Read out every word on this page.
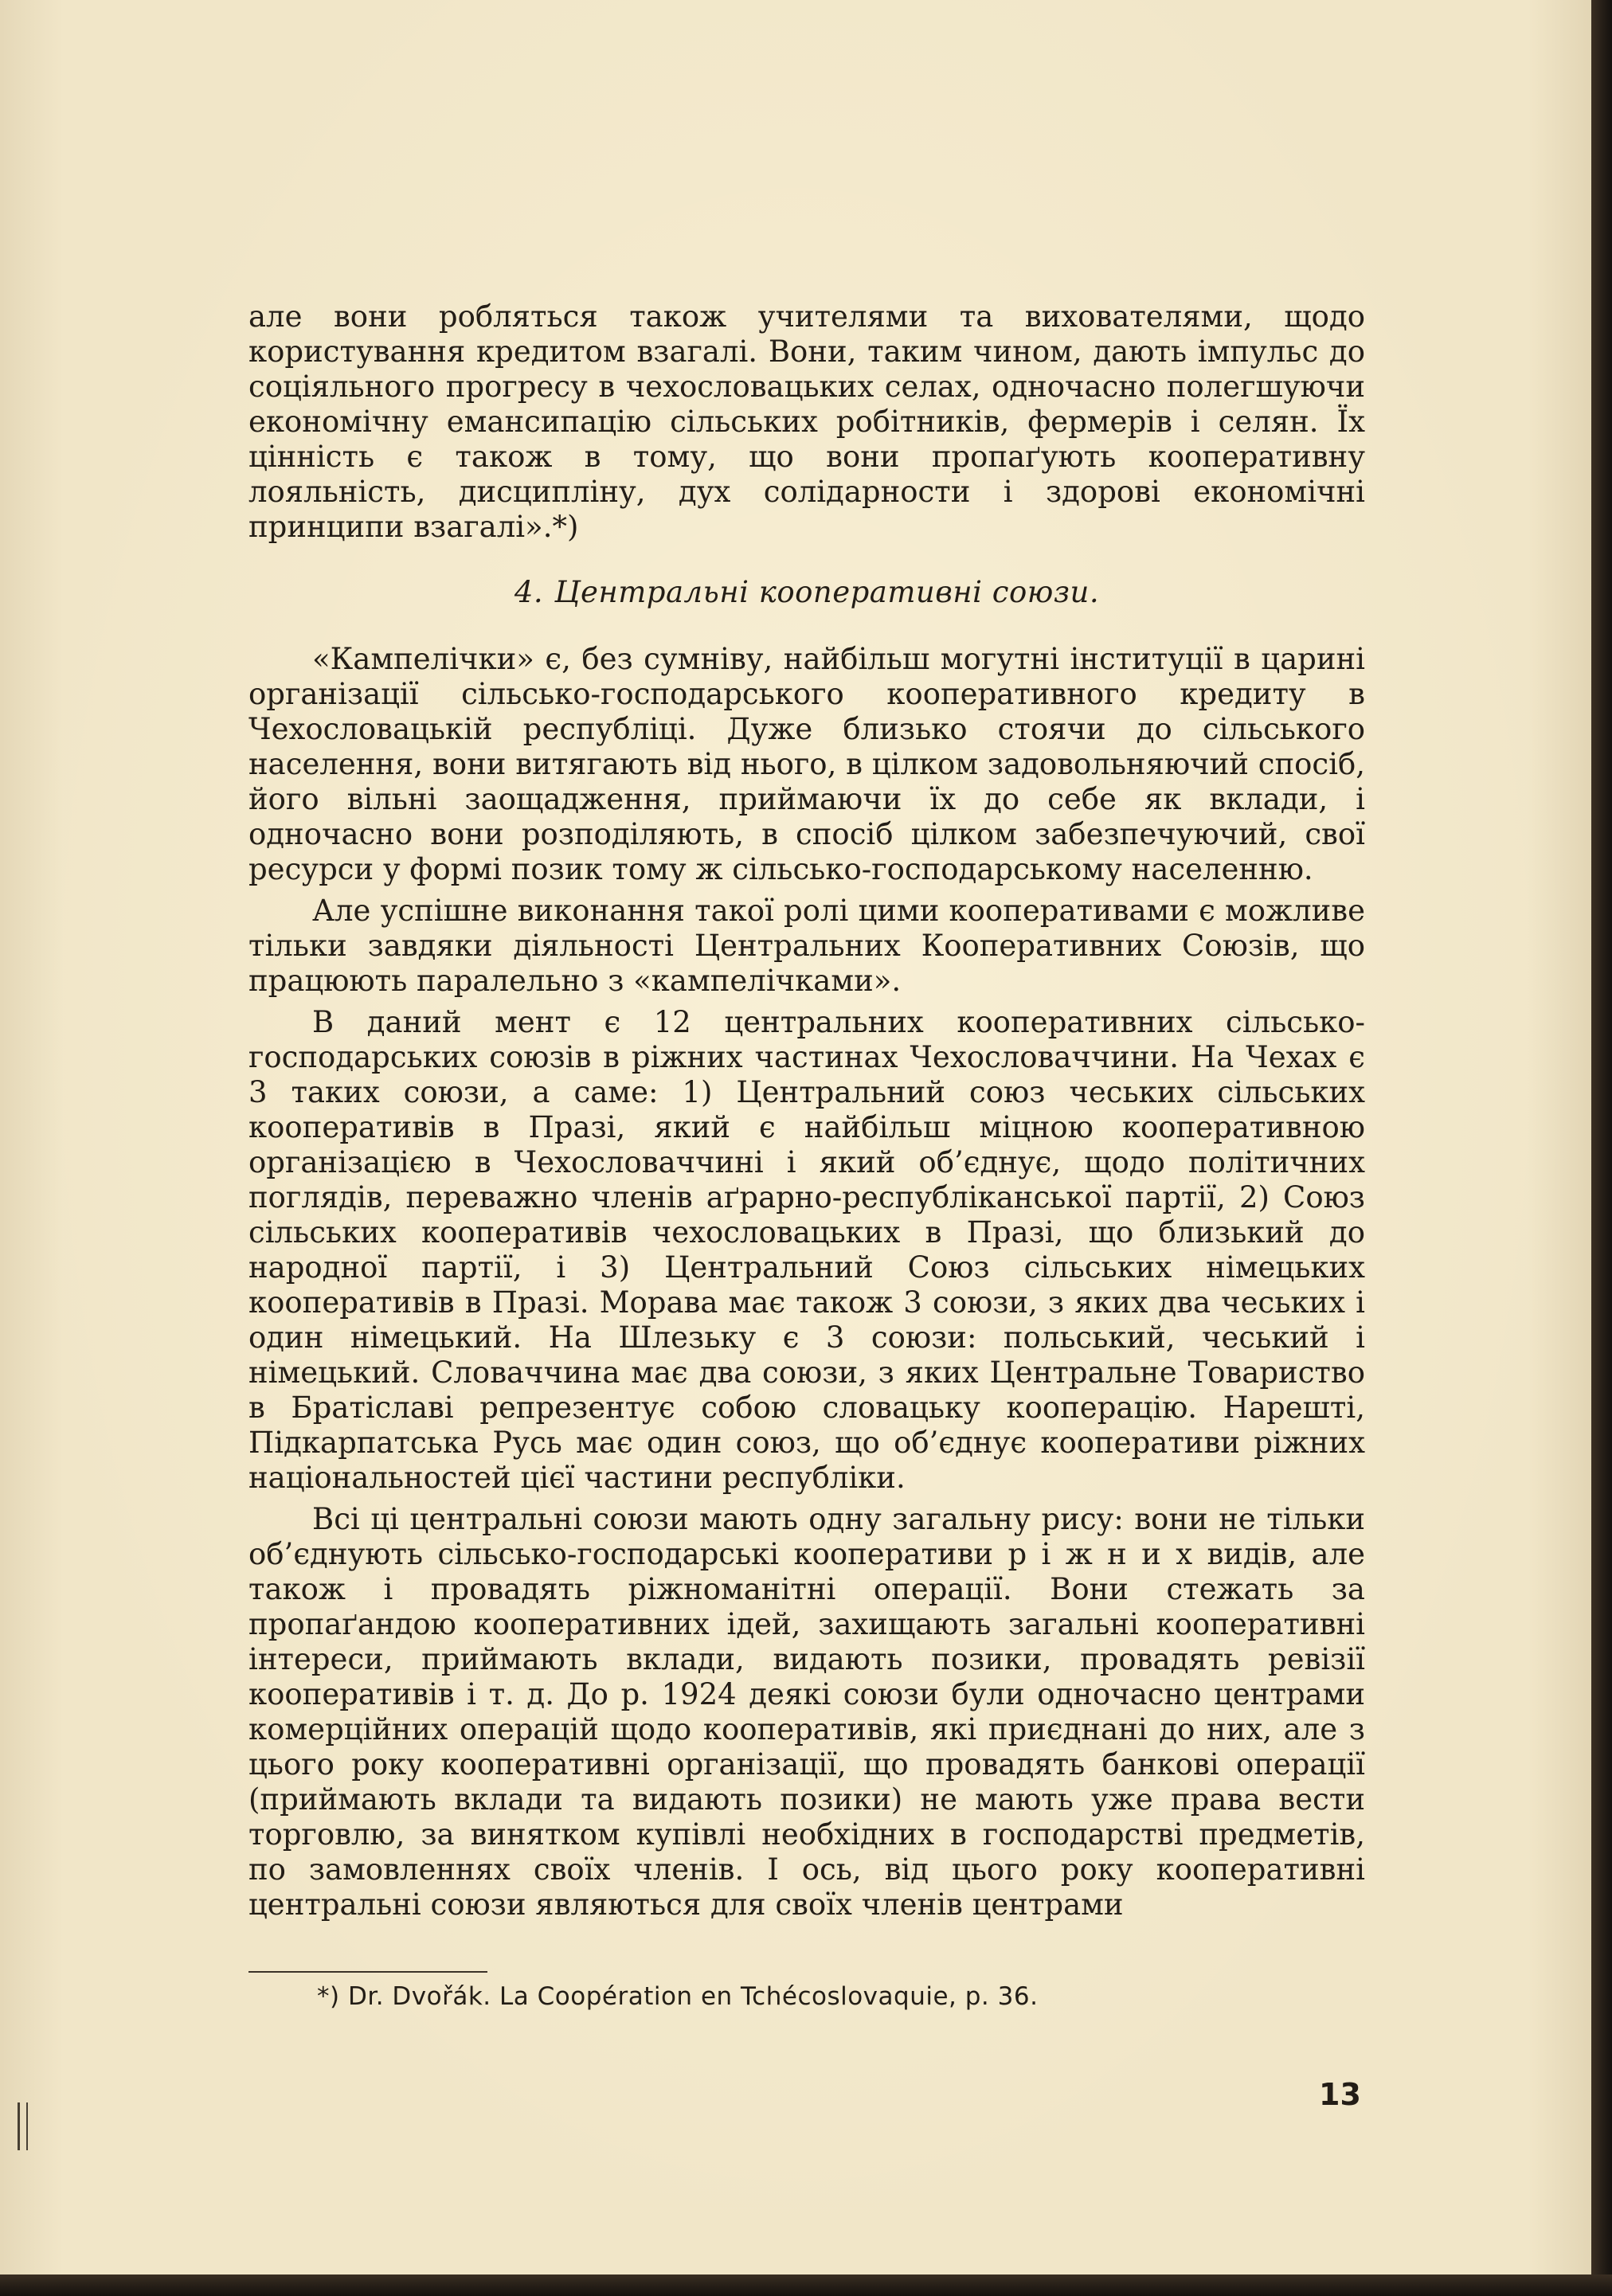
але вони робляться також учителями та вихователями, щодо користування кредитом взагалі. Вони, таким чином, дають імпульс до соціяльного прогресу в чехословацьких селах, одночасно полегшуючи економічну емансипацію сільських робітників, фермерів і селян. Їх цінність є також в тому, що вони пропаґують кооперативну лояльність, дисципліну, дух солідарности і здорові економічні принципи взагалі».*)

4. Центральні кооперативні союзи.

«Кампелічки» є, без сумніву, найбільш могутні інституції в царині організації сільсько-господарського кооперативного кредиту в Чехословацькій республіці. Дуже близько стоячи до сільського населення, вони витягають від нього, в цілком задовольняючий спосіб, його вільні заощадження, приймаючи їх до себе як вклади, і одночасно вони розподіляють, в спосіб цілком забезпечуючий, свої ресурси у формі позик тому ж сільсько-господарському населенню.

Але успішне виконання такої ролі цими кооперативами є можливе тільки завдяки діяльності Центральних Кооперативних Союзів, що працюють паралельно з «кампелічками».

В даний мент є 12 центральних кооперативних сільсько-господарських союзів в ріжних частинах Чехословаччини. На Чехах є 3 таких союзи, а саме: 1) Центральний союз чеських сільських кооперативів в Празі, який є найбільш міцною кооперативною організацією в Чехословаччині і який об’єднує, щодо політичних поглядів, переважно членів аґрарно-республіканської партії, 2) Союз сільських кооперативів чехословацьких в Празі, що близький до народної партії, і 3) Центральний Союз сільських німецьких кооперативів в Празі. Морава має також 3 союзи, з яких два чеських і один німецький. На Шлезьку є 3 союзи: польський, чеський і німецький. Словаччина має два союзи, з яких Центральне Товариство в Братіславі репрезентує собою словацьку кооперацію. Нарешті, Підкарпатська Русь має один союз, що об’єднує кооперативи ріжних національностей цієї частини республіки.

Всі ці центральні союзи мають одну загальну рису: вони не тільки об’єднують сільсько-господарські кооперативи р і ж н и х видів, але також і провадять ріжноманітні операції. Вони стежать за пропаґандою кооперативних ідей, захищають загальні кооперативні інтереси, приймають вклади, видають позики, провадять ревізії кооперативів і т. д. До р. 1924 деякі союзи були одночасно центрами комерційних операцій щодо кооперативів, які приєднані до них, але з цього року кооперативні організації, що провадять банкові операції (приймають вклади та видають позики) не мають уже права вести торговлю, за винятком купівлі необхідних в господарстві предметів, по замовленнях своїх членів. І ось, від цього року кооперативні центральні союзи являються для своїх членів центрами

*) Dr. Dvořák. La Coopération en Tchécoslovaquie, p. 36.
13
